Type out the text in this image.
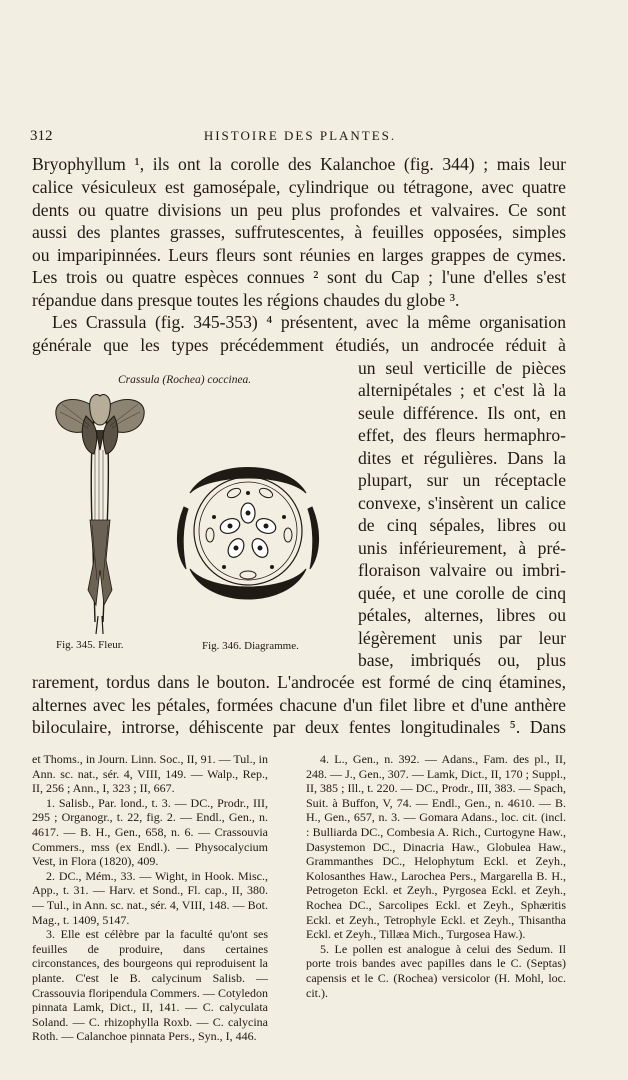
312	HISTOIRE DES PLANTES.
Bryophyllum ¹, ils ont la corolle des Kalanchoe (fig. 344) ; mais leur
calice vésiculeux est gamosépale, cylindrique ou tétragone, avec quatre
dents ou quatre divisions un peu plus profondes et valvaires. Ce sont
aussi des plantes grasses, suffrutescentes, à feuilles opposées, simples
ou imparipinnées. Leurs fleurs sont réunies en larges grappes de cymes.
Les trois ou quatre espèces connues ² sont du Cap ; l'une d'elles s'est
répandue dans presque toutes les régions chaudes du globe ³.
Les Crassula (fig. 345-353) ⁴ présentent, avec la même organisation
générale que les types précédemment étudiés, un androcée réduit à
un seul verticille de pièces
alternipétales ; et c'est là la
seule différence. Ils ont, en
effet, des fleurs hermaphro-
dites et régulières. Dans la
plupart, sur un réceptacle
convexe, s'insèrent un calice
de cinq sépales, libres ou
unis inférieurement, à pré-
floraison valvaire ou imbri-
quée, et une corolle de cinq
pétales, alternes, libres ou
légèrement unis par leur
base, imbriqués ou, plus
rarement, tordus dans le bouton. L'androcée est formé de cinq étamines,
alternes avec les pétales, formées chacune d'un filet libre et d'une anthère
biloculaire, introrse, déhiscente par deux fentes longitudinales ⁵. Dans
Crassula (Rochea) coccinea.
Fig. 345. Fleur.	Fig. 346. Diagramme.

et Thoms., in Journ. Linn. Soc., II, 91. — Tul., in Ann. sc. nat., sér. 4, VIII, 149. — Walp., Rep., II, 256 ; Ann., I, 323 ; II, 667.

1. Salisb., Par. lond., t. 3. — DC., Prodr., III, 295 ; Organogr., t. 22, fig. 2. — Endl., Gen., n. 4617. — B. H., Gen., 658, n. 6. — Crassouvia Commers., mss (ex Endl.). — Physocalycium Vest, in Flora (1820), 409.

2. DC., Mém., 33. — Wight, in Hook. Misc., App., t. 31. — Harv. et Sond., Fl. cap., II, 380. — Tul., in Ann. sc. nat., sér. 4, VIII, 148. — Bot. Mag., t. 1409, 5147.

3. Elle est célèbre par la faculté qu'ont ses feuilles de produire, dans certaines circonstances, des bourgeons qui reproduisent la plante. C'est le B. calycinum Salisb. — Crassouvia floripendula Commers. — Cotyledon pinnata Lamk, Dict., II, 141. — C. calyculata Soland. — C. rhizophylla Roxb. — C. calycina Roth. — Calanchoe pinnata Pers., Syn., I, 446.

4. L., Gen., n. 392. — Adans., Fam. des pl., II, 248. — J., Gen., 307. — Lamk, Dict., II, 170 ; Suppl., II, 385 ; Ill., t. 220. — DC., Prodr., III, 383. — Spach, Suit. à Buffon, V, 74. — Endl., Gen., n. 4610. — B. H., Gen., 657, n. 3. — Gomara Adans., loc. cit. (incl. : Bulliarda DC., Combesia A. Rich., Curtogyne Haw., Dasystemon DC., Dinacria Haw., Globulea Haw., Grammanthes DC., Helophytum Eckl. et Zeyh., Kolosanthes Haw., Larochea Pers., Margarella B. H., Petrogeton Eckl. et Zeyh., Pyrgosea Eckl. et Zeyh., Rochea DC., Sarcolipes Eckl. et Zeyh., Sphæritis Eckl. et Zeyh., Tetrophyle Eckl. et Zeyh., Thisantha Eckl. et Zeyh., Tillæa Mich., Turgosea Haw.).

5. Le pollen est analogue à celui des Sedum. Il porte trois bandes avec papilles dans le C. (Septas) capensis et le C. (Rochea) versicolor (H. Mohl, loc. cit.).
